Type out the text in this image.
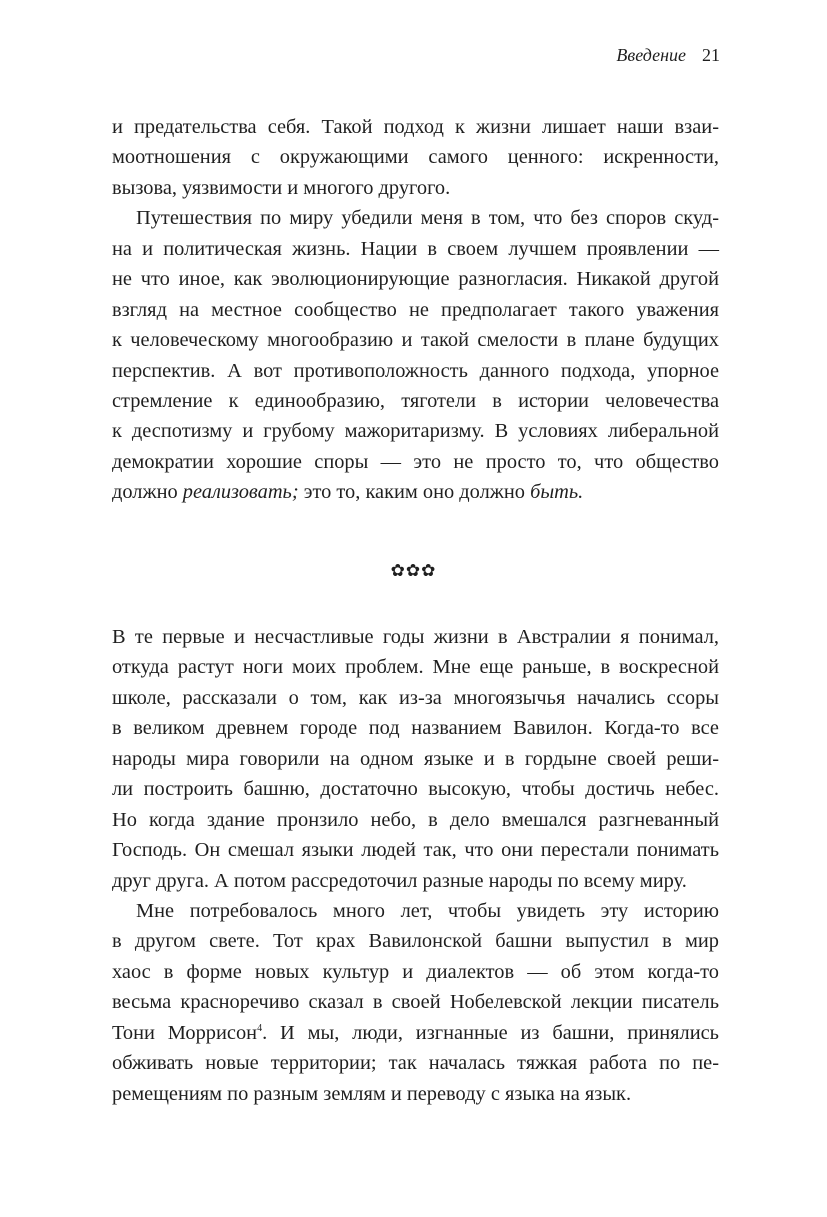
Введение 21
и предательства себя. Такой подход к жизни лишает наши взаи-
моотношения с окружающими самого ценного: искренности,
вызова, уязвимости и многого другого.
Путешествия по миру убедили меня в том, что без споров скуд-
на и политическая жизнь. Нации в своем лучшем проявлении —
не что иное, как эволюционирующие разногласия. Никакой другой
взгляд на местное сообщество не предполагает такого уважения
к человеческому многообразию и такой смелости в плане будущих
перспектив. А вот противоположность данного подхода, упорное
стремление к единообразию, тяготели в истории человечества
к деспотизму и грубому мажоритаризму. В условиях либеральной
демократии хорошие споры — это не просто то, что общество
должно реализовать; это то, каким оно должно быть.
✿✿✿
В те первые и несчастливые годы жизни в Австралии я понимал,
откуда растут ноги моих проблем. Мне еще раньше, в воскресной
школе, рассказали о том, как из-за многоязычья начались ссоры
в великом древнем городе под названием Вавилон. Когда-то все
народы мира говорили на одном языке и в гордыне своей реши-
ли построить башню, достаточно высокую, чтобы достичь небес.
Но когда здание пронзило небо, в дело вмешался разгневанный
Господь. Он смешал языки людей так, что они перестали понимать
друг друга. А потом рассредоточил разные народы по всему миру.
Мне потребовалось много лет, чтобы увидеть эту историю
в другом свете. Тот крах Вавилонской башни выпустил в мир
хаос в форме новых культур и диалектов — об этом когда-то
весьма красноречиво сказал в своей Нобелевской лекции писатель
Тони Моррисон$^4$. И мы, люди, изгнанные из башни, принялись
обживать новые территории; так началась тяжкая работа по пе-
ремещениям по разным землям и переводу с языка на язык.
